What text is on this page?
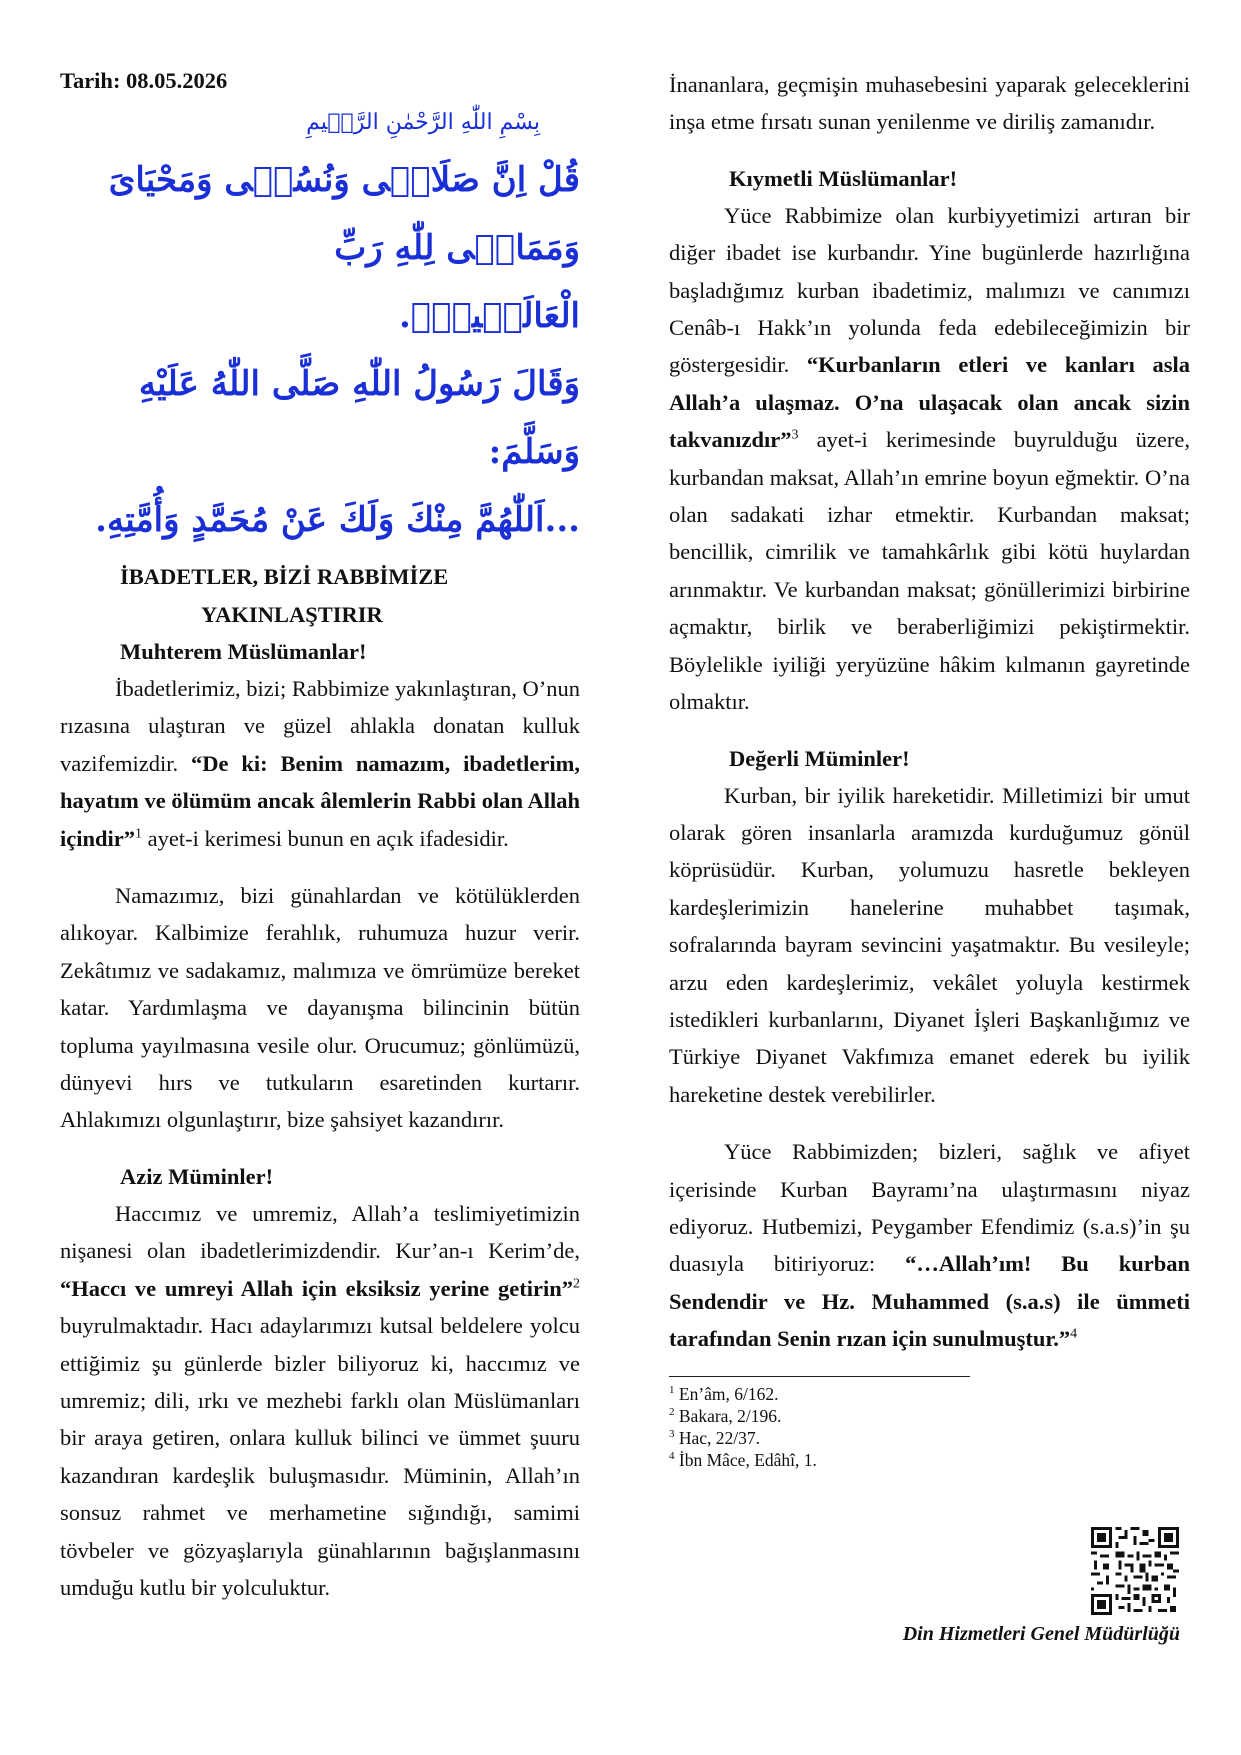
Tarih: 08.05.2026

بِسْمِ اللّٰهِ الرَّحْمٰنِ الرَّح۪يمِ
قُلْ اِنَّ صَلَاتٖى وَنُسُكٖى وَمَحْيَاىَ وَمَمَاتٖى لِلّٰهِ رَبِّ
الْعَالَم۪ينَۙ.
وَقَالَ رَسُولُ اللّٰهِ صَلَّى اللّٰهُ عَلَيْهِ وَسَلَّمَ:
...اَللّٰهُمَّ مِنْكَ وَلَكَ عَنْ مُحَمَّدٍ وَأُمَّتِهِ.
İBADETLER, BİZİ RABBİMİZE
YAKINLAŞTIRIR

Muhterem Müslümanlar!

İbadetlerimiz, bizi; Rabbimize yakınlaştıran, O’nun rızasına ulaştıran ve güzel ahlakla donatan kulluk vazifemizdir. “De ki: Benim namazım, ibadetlerim, hayatım ve ölümüm ancak âlemlerin Rabbi olan Allah içindir”$^1$ ayet-i kerimesi bunun en açık ifadesidir.

Namazımız, bizi günahlardan ve kötülüklerden alıkoyar. Kalbimize ferahlık, ruhumuza huzur verir. Zekâtımız ve sadakamız, malımıza ve ömrümüze bereket katar. Yardımlaşma ve dayanışma bilincinin bütün topluma yayılmasına vesile olur. Orucumuz; gönlümüzü, dünyevi hırs ve tutkuların esaretinden kurtarır. Ahlakımızı olgunlaştırır, bize şahsiyet kazandırır.

Aziz Müminler!

Haccımız ve umremiz, Allah’a teslimiyetimizin nişanesi olan ibadetlerimizdendir. Kur’an-ı Kerim’de, “Haccı ve umreyi Allah için eksiksiz yerine getirin”$^2$ buyrulmaktadır. Hacı adaylarımızı kutsal beldelere yolcu ettiğimiz şu günlerde bizler biliyoruz ki, haccımız ve umremiz; dili, ırkı ve mezhebi farklı olan Müslümanları bir araya getiren, onlara kulluk bilinci ve ümmet şuuru kazandıran kardeşlik buluşmasıdır. Müminin, Allah’ın sonsuz rahmet ve merhametine sığındığı, samimi tövbeler ve gözyaşlarıyla günahlarının bağışlanmasını umduğu kutlu bir yolculuktur.

İnananlara, geçmişin muhasebesini yaparak geleceklerini inşa etme fırsatı sunan yenilenme ve diriliş zamanıdır.

Kıymetli Müslümanlar!

Yüce Rabbimize olan kurbiyyetimizi artıran bir diğer ibadet ise kurbandır. Yine bugünlerde hazırlığına başladığımız kurban ibadetimiz, malımızı ve canımızı Cenâb-ı Hakk’ın yolunda feda edebileceğimizin bir göstergesidir. “Kurbanların etleri ve kanları asla Allah’a ulaşmaz. O’na ulaşacak olan ancak sizin takvanızdır”$^3$ ayet-i kerimesinde buyrulduğu üzere, kurbandan maksat, Allah’ın emrine boyun eğmektir. O’na olan sadakati izhar etmektir. Kurbandan maksat; bencillik, cimrilik ve tamahkârlık gibi kötü huylardan arınmaktır. Ve kurbandan maksat; gönüllerimizi birbirine açmaktır, birlik ve beraberliğimizi pekiştirmektir. Böylelikle iyiliği yeryüzüne hâkim kılmanın gayretinde olmaktır.

Değerli Müminler!

Kurban, bir iyilik hareketidir. Milletimizi bir umut olarak gören insanlarla aramızda kurduğumuz gönül köprüsüdür. Kurban, yolumuzu hasretle bekleyen kardeşlerimizin hanelerine muhabbet taşımak, sofralarında bayram sevincini yaşatmaktır. Bu vesileyle; arzu eden kardeşlerimiz, vekâlet yoluyla kestirmek istedikleri kurbanlarını, Diyanet İşleri Başkanlığımız ve Türkiye Diyanet Vakfımıza emanet ederek bu iyilik hareketine destek verebilirler.

Yüce Rabbimizden; bizleri, sağlık ve afiyet içerisinde Kurban Bayramı’na ulaştırmasını niyaz ediyoruz. Hutbemizi, Peygamber Efendimiz (s.a.s)’in şu duasıyla bitiriyoruz: “…Allah’ım! Bu kurban Sendendir ve Hz. Muhammed (s.a.s) ile ümmeti tarafından Senin rızan için sunulmuştur.”$^4$

$^1$ En’âm, 6/162.
$^2$ Bakara, 2/196.
$^3$ Hac, 22/37.
$^4$ İbn Mâce, Edâhî, 1.
Din Hizmetleri Genel Müdürlüğü
